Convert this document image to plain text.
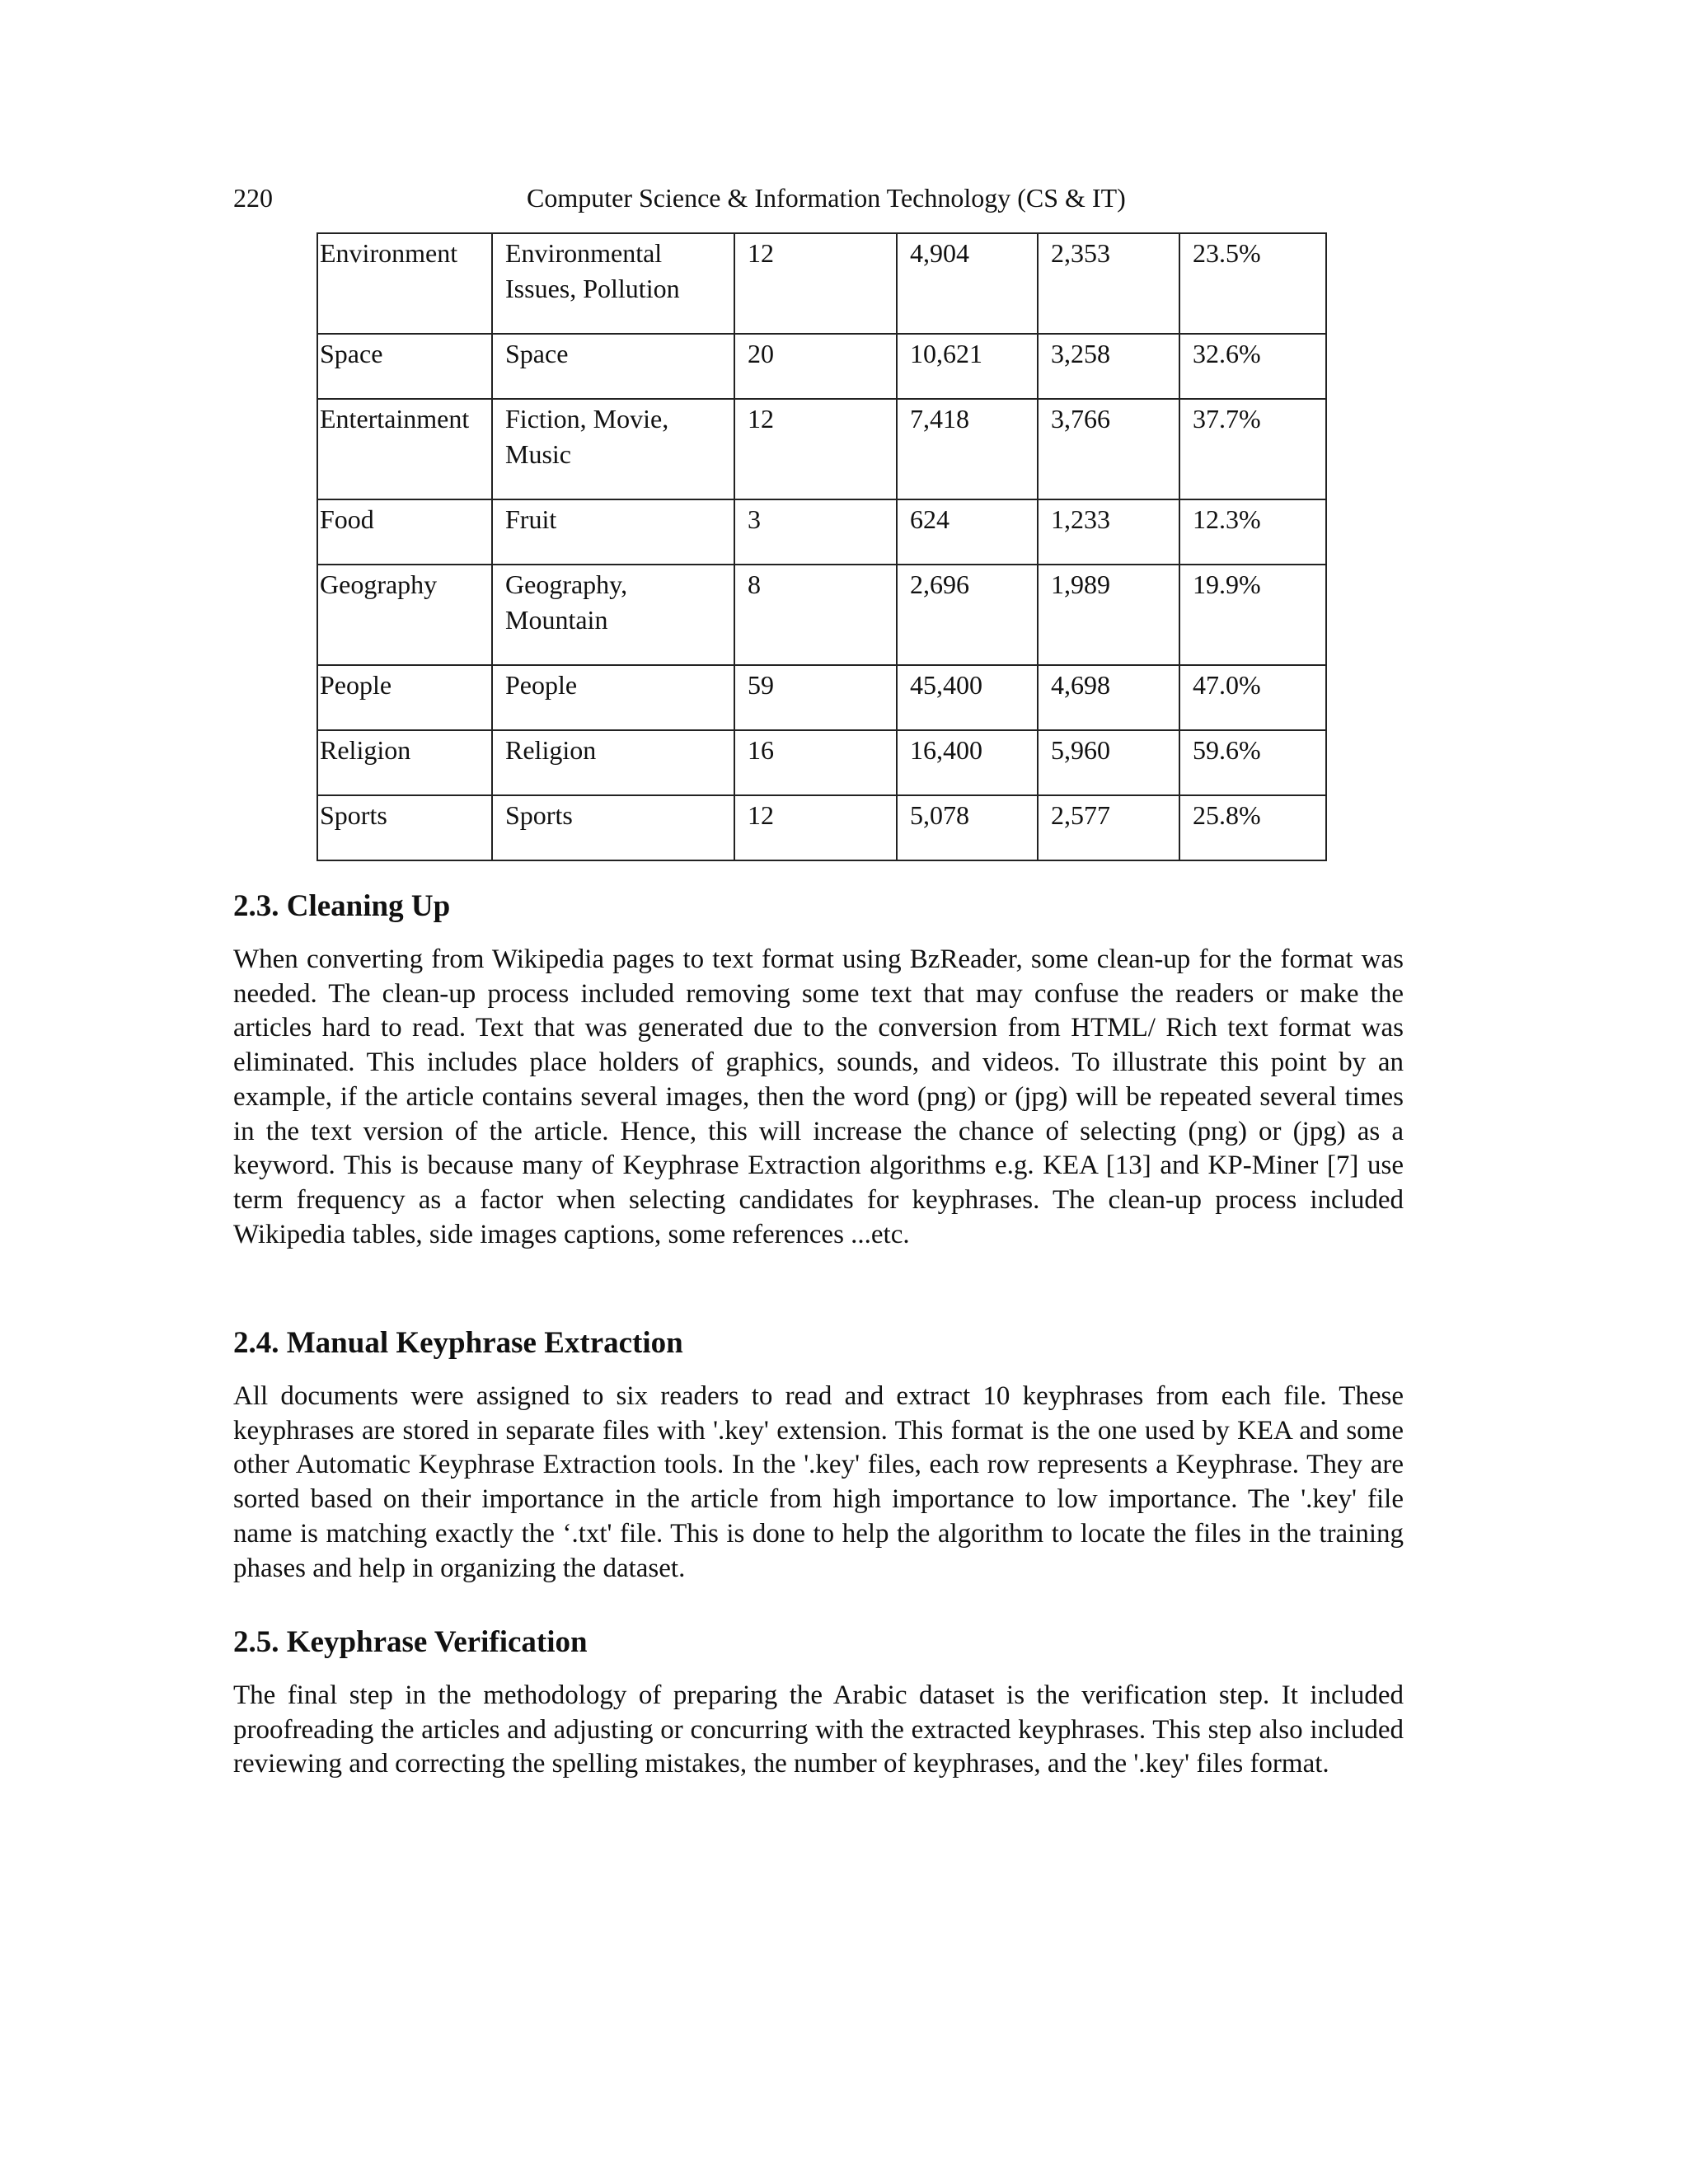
220	Computer Science & Information Technology (CS & IT)
Environment	Environmental Issues, Pollution	12	4,904	2,353	23.5%
Space	Space	20	10,621	3,258	32.6%
Entertainment	Fiction, Movie, Music	12	7,418	3,766	37.7%
Food	Fruit	3	624	1,233	12.3%
Geography	Geography, Mountain	8	2,696	1,989	19.9%
People	People	59	45,400	4,698	47.0%
Religion	Religion	16	16,400	5,960	59.6%
Sports	Sports	12	5,078	2,577	25.8%
2.3. Cleaning Up

When converting from Wikipedia pages to text format using BzReader, some clean-up for the format was needed. The clean-up process included removing some text that may confuse the readers or make the articles hard to read. Text that was generated due to the conversion from HTML/ Rich text format was eliminated. This includes place holders of graphics, sounds, and videos. To illustrate this point by an example, if the article contains several images, then the word (png) or (jpg) will be repeated several times in the text version of the article. Hence, this will increase the chance of selecting (png) or (jpg) as a keyword. This is because many of Keyphrase Extraction algorithms e.g. KEA [13] and KP-Miner [7] use term frequency as a factor when selecting candidates for keyphrases. The clean-up process included Wikipedia tables, side images captions, some references ...etc.

2.4. Manual Keyphrase Extraction

All documents were assigned to six readers to read and extract 10 keyphrases from each file. These keyphrases are stored in separate files with '.key' extension. This format is the one used by KEA and some other Automatic Keyphrase Extraction tools. In the '.key' files, each row represents a Keyphrase. They are sorted based on their importance in the article from high importance to low importance. The '.key' file name is matching exactly the ‘.txt' file. This is done to help the algorithm to locate the files in the training phases and help in organizing the dataset.

2.5. Keyphrase Verification

The final step in the methodology of preparing the Arabic dataset is the verification step. It included proofreading the articles and adjusting or concurring with the extracted keyphrases. This step also included reviewing and correcting the spelling mistakes, the number of keyphrases, and the '.key' files format.
